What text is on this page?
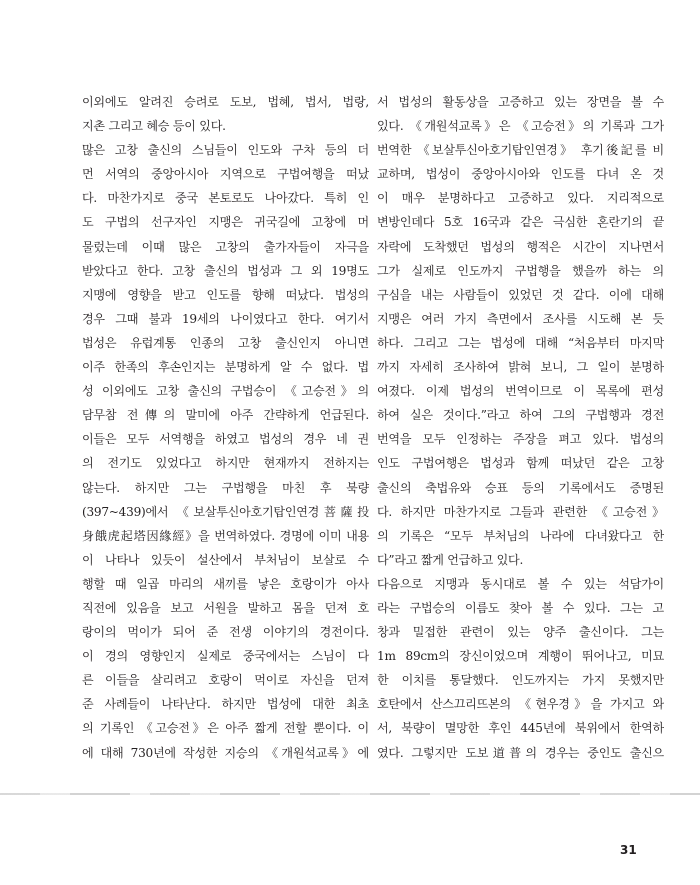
이외에도 알려진 승려로 도보, 법혜, 법서, 법랑,
지촌 그리고 혜승 등이 있다.
많은 고창 출신의 스님들이 인도와 구차 등의 더
먼 서역의 중앙아시아 지역으로 구법여행을 떠났
다. 마찬가지로 중국 본토로도 나아갔다. 특히 인
도 구법의 선구자인 지맹은 귀국길에 고창에 머
물렀는데 이때 많은 고창의 출가자들이 자극을
받았다고 한다. 고창 출신의 법성과 그 외 19명도
지맹에 영향을 받고 인도를 향해 떠났다. 법성의
경우 그때 불과 19세의 나이였다고 한다. 여기서
법성은 유럽계통 인종의 고창 출신인지 아니면
이주 한족의 후손인지는 분명하게 알 수 없다. 법
성 이외에도 고창 출신의 구법승이 《고승전》의
담무참 전傳의 말미에 아주 간략하게 언급된다.
이들은 모두 서역행을 하였고 법성의 경우 네 권
의 전기도 있었다고 하지만 현재까지 전하지는
않는다. 하지만 그는 구법행을 마친 후 북량
(397~439)에서 《보살투신아호기탑인연경菩薩投
身餓虎起塔因緣經》을 번역하였다. 경명에 이미 내용
이 나타나 있듯이 설산에서 부처님이 보살로 수
행할 때 일곱 마리의 새끼를 낳은 호랑이가 아사
직전에 있음을 보고 서원을 발하고 몸을 던져 호
랑이의 먹이가 되어 준 전생 이야기의 경전이다.
이 경의 영향인지 실제로 중국에서는 스님이 다
른 이들을 살리려고 호랑이 먹이로 자신을 던져
준 사례들이 나타난다. 하지만 법성에 대한 최초
의 기록인 《고승전》은 아주 짧게 전할 뿐이다. 이
에 대해 730년에 작성한 지승의 《개원석교록》에
서 법성의 활동상을 고증하고 있는 장면을 볼 수
있다. 《개원석교록》은 《고승전》의 기록과 그가
번역한 《보살투신아호기탑인연경》 후기後記를 비
교하며, 법성이 중앙아시아와 인도를 다녀 온 것
이 매우 분명하다고 고증하고 있다. 지리적으로
변방인데다 5호 16국과 같은 극심한 혼란기의 끝
자락에 도착했던 법성의 행적은 시간이 지나면서
그가 실제로 인도까지 구법행을 했을까 하는 의
구심을 내는 사람들이 있었던 것 같다. 이에 대해
지맹은 여러 가지 측면에서 조사를 시도해 본 듯
하다. 그리고 그는 법성에 대해 “처음부터 마지막
까지 자세히 조사하여 밝혀 보니, 그 일이 분명하
여졌다. 이제 법성의 번역이므로 이 목록에 편성
하여 실은 것이다.”라고 하여 그의 구법행과 경전
번역을 모두 인정하는 주장을 펴고 있다. 법성의
인도 구법여행은 법성과 함께 떠났던 같은 고창
출신의 축법유와 승표 등의 기록에서도 증명된
다. 하지만 마찬가지로 그들과 관련한 《고승전》
의 기록은 “모두 부처님의 나라에 다녀왔다고 한
다”라고 짧게 언급하고 있다.
다음으로 지맹과 동시대로 볼 수 있는 석담가이
라는 구법승의 이름도 찾아 볼 수 있다. 그는 고
창과 밀접한 관련이 있는 양주 출신이다. 그는
1m 89cm의 장신이었으며 계행이 뛰어나고, 미묘
한 이치를 통달했다. 인도까지는 가지 못했지만
호탄에서 산스끄리뜨본의 《현우경》을 가지고 와
서, 북량이 멸망한 후인 445년에 북위에서 한역하
였다. 그렇지만 도보道普의 경우는 중인도 출신으
31
